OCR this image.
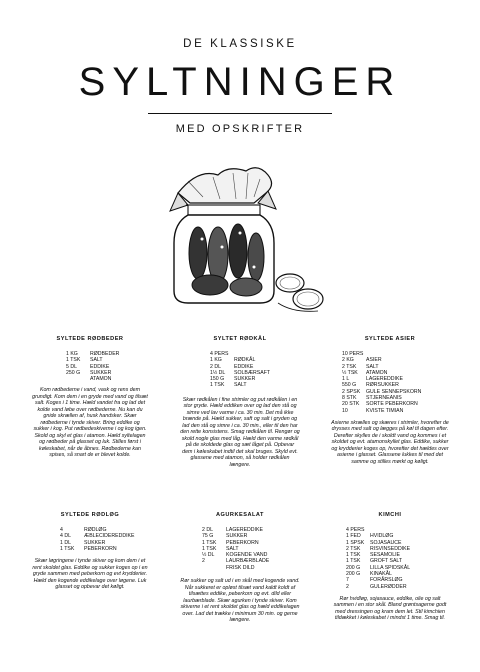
DE KLASSISKE
SYLTNINGER
MED OPSKRIFTER
SYLTEDE RØDBEDER
1 KG	RØDBEDER
1 TSK	SALT
5 DL	EDDIKE
250 G	SUKKER
ATAMON
Kom rødbederne i vand, vask og rens dem grundigt. Kom dem i en gryde med vand og tilsæt salt. Koges i 1 time. Hæld vandet fra og lad det kolde vand løbe over rødbederne. Nu kan du gnide skrællen af, husk handsker. Skær rødbederne i tynde skiver. Bring eddike og sukker i kog. Put rødbedeskiverne i og kog igen. Skold og skyl et glas i atamon. Hæld syltelagen og rødbeder på glasset og luk. Stilles først i køleskabet, når de åbnes. Rødbederne kan spises, så snart de er blevet kolde.
SYLTET RØDKÅL
4 PERS
1 KG	RØDKÅL
2 DL	EDDIKE
1½ DL	SOLBÆRSAFT
150 G	SUKKER
1 TSK	SALT
Skær rødkålen i fine strimler og put rødkålen i en stor gryde. Hæld eddiken over og lad den stå og simre ved lav varme i ca. 30 min. Det må ikke brænde på. Hæld sukker, saft og salt i gryden og lad den stå og simre i ca. 30 min., eller til den har den rette konsistens. Smag rødkålen til. Rengør og skold nogle glas med låg. Hæld den varme rødkål på de skoldede glas og sæt låget på. Opbevar dem i køleskabet indtil det skal bruges. Skyld evt. glassene med atamon, så holder rødkålen længere.
SYLTEDE ASIER
10 PERS
2 KG	ASIER
2 TSK	SALT
½ TSK	ATAMON
1 L	LAGEREDDIKE
550 G	RØRSUKKER
2 SPSK	GULE SENNEPSKORN
8 STK	STJERNEANIS
20 STK	SORTE PEBERKORN
10	KVISTE TIMIAN
Asierne skrælles og skæres i strimler, hvorefter de drysses med salt og lægges på køl til dagen efter. Derefter skylles de i skoldt vand og kommes i et skoldet og evt. atamonskyllet glas. Eddike, sukker og krydderier koges op, hvorefter det hældes over asierne i glasset. Glassene lukkes til med det samme og stilles mørkt og køligt.
SYLTEDE RØDLØG
4	RØDLØG
4 DL	ÆBLECIDEREDDIKE
1 DL	SUKKER
1 TSK	PEBERKORN
Skær løgringene i tynde skiver og kom dem i et rent skoldet glas. Eddike og sukker koges op i en gryde sammen med peberkorn og evt krydderier. Hæld den kogende eddikelage over løgene. Luk glasset og opbevar det køligt.
AGURKESALAT
2 DL	LAGEREDDIKE
75 G	SUKKER
1 TSK	PEBERKORN
1 TSK	SALT
½ DL	KOGENDE VAND
2	LAURBÆRBLADE
FRISK DILD
Rør sukker og salt ud i en skål med kogende vand. Når sukkeret er opløst tilsæt vand kaldt koldt af tilsættes eddike, peberkorn og evt. dild eller laurbærblade. Skær agurken i tynde skiver. Kom skiverne i et rent skoldet glas og hæld eddikelagen over. Lad det trække i minimum 30 min. og gerne længere.
KIMCHI
4 PERS
1 FED	HVIDLØG
1 SPSK	SOJASAUCE
2 TSK	RISVINSEDDIKE
1 TSK	SESAMOLIE
1 TSK	GROFT SALT
200 G	LILLA SPIDSKÅL
200 G	KINAKÅL
7	FORÅRSLØG
2	GULERØDDER
Rør hvidløg, sojasauce, eddike, olie og salt sammen i en stor skål. Bland grøntsagerne godt med dressingen og kram dem let. Stil kimchien tildækket i køleskabet i mindst 1 time. Smag til.
